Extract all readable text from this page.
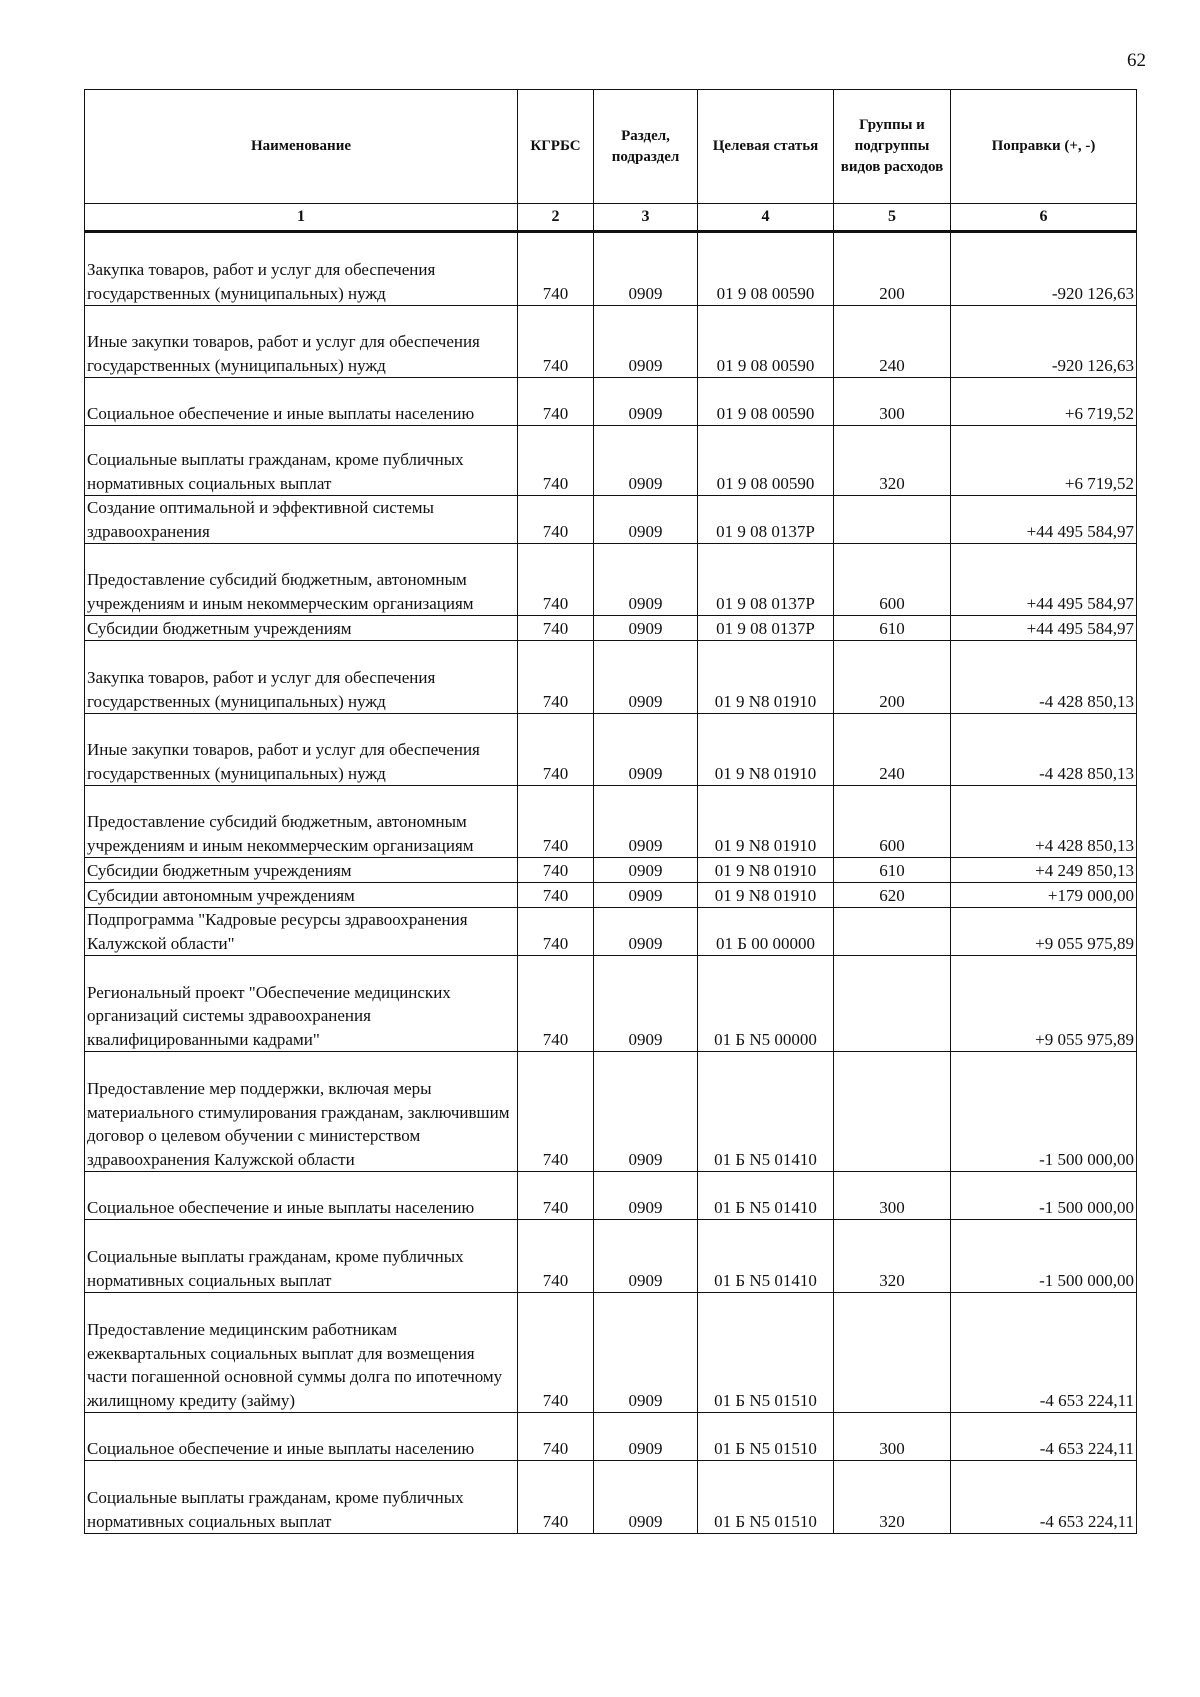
62
Наименование	КГРБС	Раздел, подраздел	Целевая статья	Группы и подгруппы видов расходов	Поправки (+, -)
1	2	3	4	5	6
Закупка товаров, работ и услуг для обеспечения государственных (муниципальных) нужд	740	0909	01 9 08 00590	200	-920 126,63
Иные закупки товаров, работ и услуг для обеспечения государственных (муниципальных) нужд	740	0909	01 9 08 00590	240	-920 126,63
Социальное обеспечение и иные выплаты населению	740	0909	01 9 08 00590	300	+6 719,52
Социальные выплаты гражданам, кроме публичных нормативных социальных выплат	740	0909	01 9 08 00590	320	+6 719,52
Создание оптимальной и эффективной системы здравоохранения	740	0909	01 9 08 0137Р		+44 495 584,97
Предоставление субсидий бюджетным, автономным учреждениям и иным некоммерческим организациям	740	0909	01 9 08 0137Р	600	+44 495 584,97
Субсидии бюджетным учреждениям	740	0909	01 9 08 0137Р	610	+44 495 584,97
Закупка товаров, работ и услуг для обеспечения государственных (муниципальных) нужд	740	0909	01 9 N8 01910	200	-4 428 850,13
Иные закупки товаров, работ и услуг для обеспечения государственных (муниципальных) нужд	740	0909	01 9 N8 01910	240	-4 428 850,13
Предоставление субсидий бюджетным, автономным учреждениям и иным некоммерческим организациям	740	0909	01 9 N8 01910	600	+4 428 850,13
Субсидии бюджетным учреждениям	740	0909	01 9 N8 01910	610	+4 249 850,13
Субсидии автономным учреждениям	740	0909	01 9 N8 01910	620	+179 000,00
Подпрограмма "Кадровые ресурсы здравоохранения Калужской области"	740	0909	01 Б 00 00000		+9 055 975,89
Региональный проект "Обеспечение медицинских организаций системы здравоохранения квалифицированными кадрами"	740	0909	01 Б N5 00000		+9 055 975,89
Предоставление мер поддержки, включая меры материального стимулирования гражданам, заключившим договор о целевом обучении с министерством здравоохранения Калужской области	740	0909	01 Б N5 01410		-1 500 000,00
Социальное обеспечение и иные выплаты населению	740	0909	01 Б N5 01410	300	-1 500 000,00
Социальные выплаты гражданам, кроме публичных нормативных социальных выплат	740	0909	01 Б N5 01410	320	-1 500 000,00
Предоставление медицинским работникам ежеквартальных социальных выплат для возмещения части погашенной основной суммы долга по ипотечному жилищному кредиту (займу)	740	0909	01 Б N5 01510		-4 653 224,11
Социальное обеспечение и иные выплаты населению	740	0909	01 Б N5 01510	300	-4 653 224,11
Социальные выплаты гражданам, кроме публичных нормативных социальных выплат	740	0909	01 Б N5 01510	320	-4 653 224,11
